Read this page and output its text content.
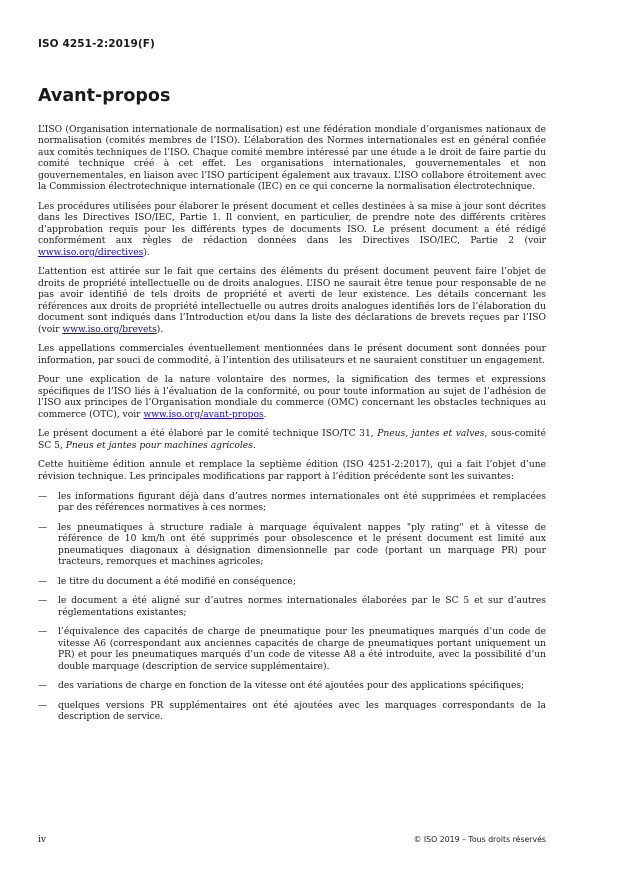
ISO 4251-2:2019(F)
Avant-propos

L’ISO (Organisation internationale de normalisation) est une fédération mondiale d’organismes nationaux de normalisation (comités membres de l’ISO). L’élaboration des Normes internationales est en général confiée aux comités techniques de l’ISO. Chaque comité membre intéressé par une étude a le droit de faire partie du comité technique créé à cet effet. Les organisations internationales, gouvernementales et non gouvernementales, en liaison avec l’ISO participent également aux travaux. L’ISO collabore étroitement avec la Commission électrotechnique internationale (IEC) en ce qui concerne la normalisation électrotechnique.

Les procédures utilisées pour élaborer le présent document et celles destinées à sa mise à jour sont décrites dans les Directives ISO/IEC, Partie 1. Il convient, en particulier, de prendre note des différents critères d’approbation requis pour les différents types de documents ISO. Le présent document a été rédigé conformément aux règles de rédaction données dans les Directives ISO/IEC, Partie 2 (voir www.iso.org/directives).

L’attention est attirée sur le fait que certains des éléments du présent document peuvent faire l’objet de droits de propriété intellectuelle ou de droits analogues. L’ISO ne saurait être tenue pour responsable de ne pas avoir identifié de tels droits de propriété et averti de leur existence. Les détails concernant les références aux droits de propriété intellectuelle ou autres droits analogues identifiés lors de l’élaboration du document sont indiqués dans l’Introduction et/ou dans la liste des déclarations de brevets reçues par l’ISO (voir www.iso.org/brevets).

Les appellations commerciales éventuellement mentionnées dans le présent document sont données pour information, par souci de commodité, à l’intention des utilisateurs et ne sauraient constituer un engagement.

Pour une explication de la nature volontaire des normes, la signification des termes et expressions spécifiques de l’ISO liés à l’évaluation de la conformité, ou pour toute information au sujet de l’adhésion de l’ISO aux principes de l’Organisation mondiale du commerce (OMC) concernant les obstacles techniques au commerce (OTC), voir www.iso.org/avant-propos.

Le présent document a été élaboré par le comité technique ISO/TC 31, Pneus, jantes et valves, sous-comité SC 5, Pneus et jantes pour machines agricoles.

Cette huitième édition annule et remplace la septième édition (ISO 4251-2:2017), qui a fait l’objet d’une révision technique. Les principales modifications par rapport à l’édition précédente sont les suivantes:

— les informations figurant déjà dans d’autres normes internationales ont été supprimées et remplacées par des références normatives à ces normes;
— les pneumatiques à structure radiale à marquage équivalent nappes "ply rating" et à vitesse de référence de 10 km/h ont été supprimés pour obsolescence et le présent document est limité aux pneumatiques diagonaux à désignation dimensionnelle par code (portant un marquage PR) pour tracteurs, remorques et machines agricoles;
— le titre du document a été modifié en conséquence;
— le document a été aligné sur d’autres normes internationales élaborées par le SC 5 et sur d’autres réglementations existantes;
— l’équivalence des capacités de charge de pneumatique pour les pneumatiques marqués d’un code de vitesse A6 (correspondant aux anciennes capacités de charge de pneumatiques portant uniquement un PR) et pour les pneumatiques marqués d’un code de vitesse A8 a été introduite, avec la possibilité d’un double marquage (description de service supplémentaire).
— des variations de charge en fonction de la vitesse ont été ajoutées pour des applications spécifiques;
— quelques versions PR supplémentaires ont été ajoutées avec les marquages correspondants de la description de service.
iv	© ISO 2019 – Tous droits réservés
